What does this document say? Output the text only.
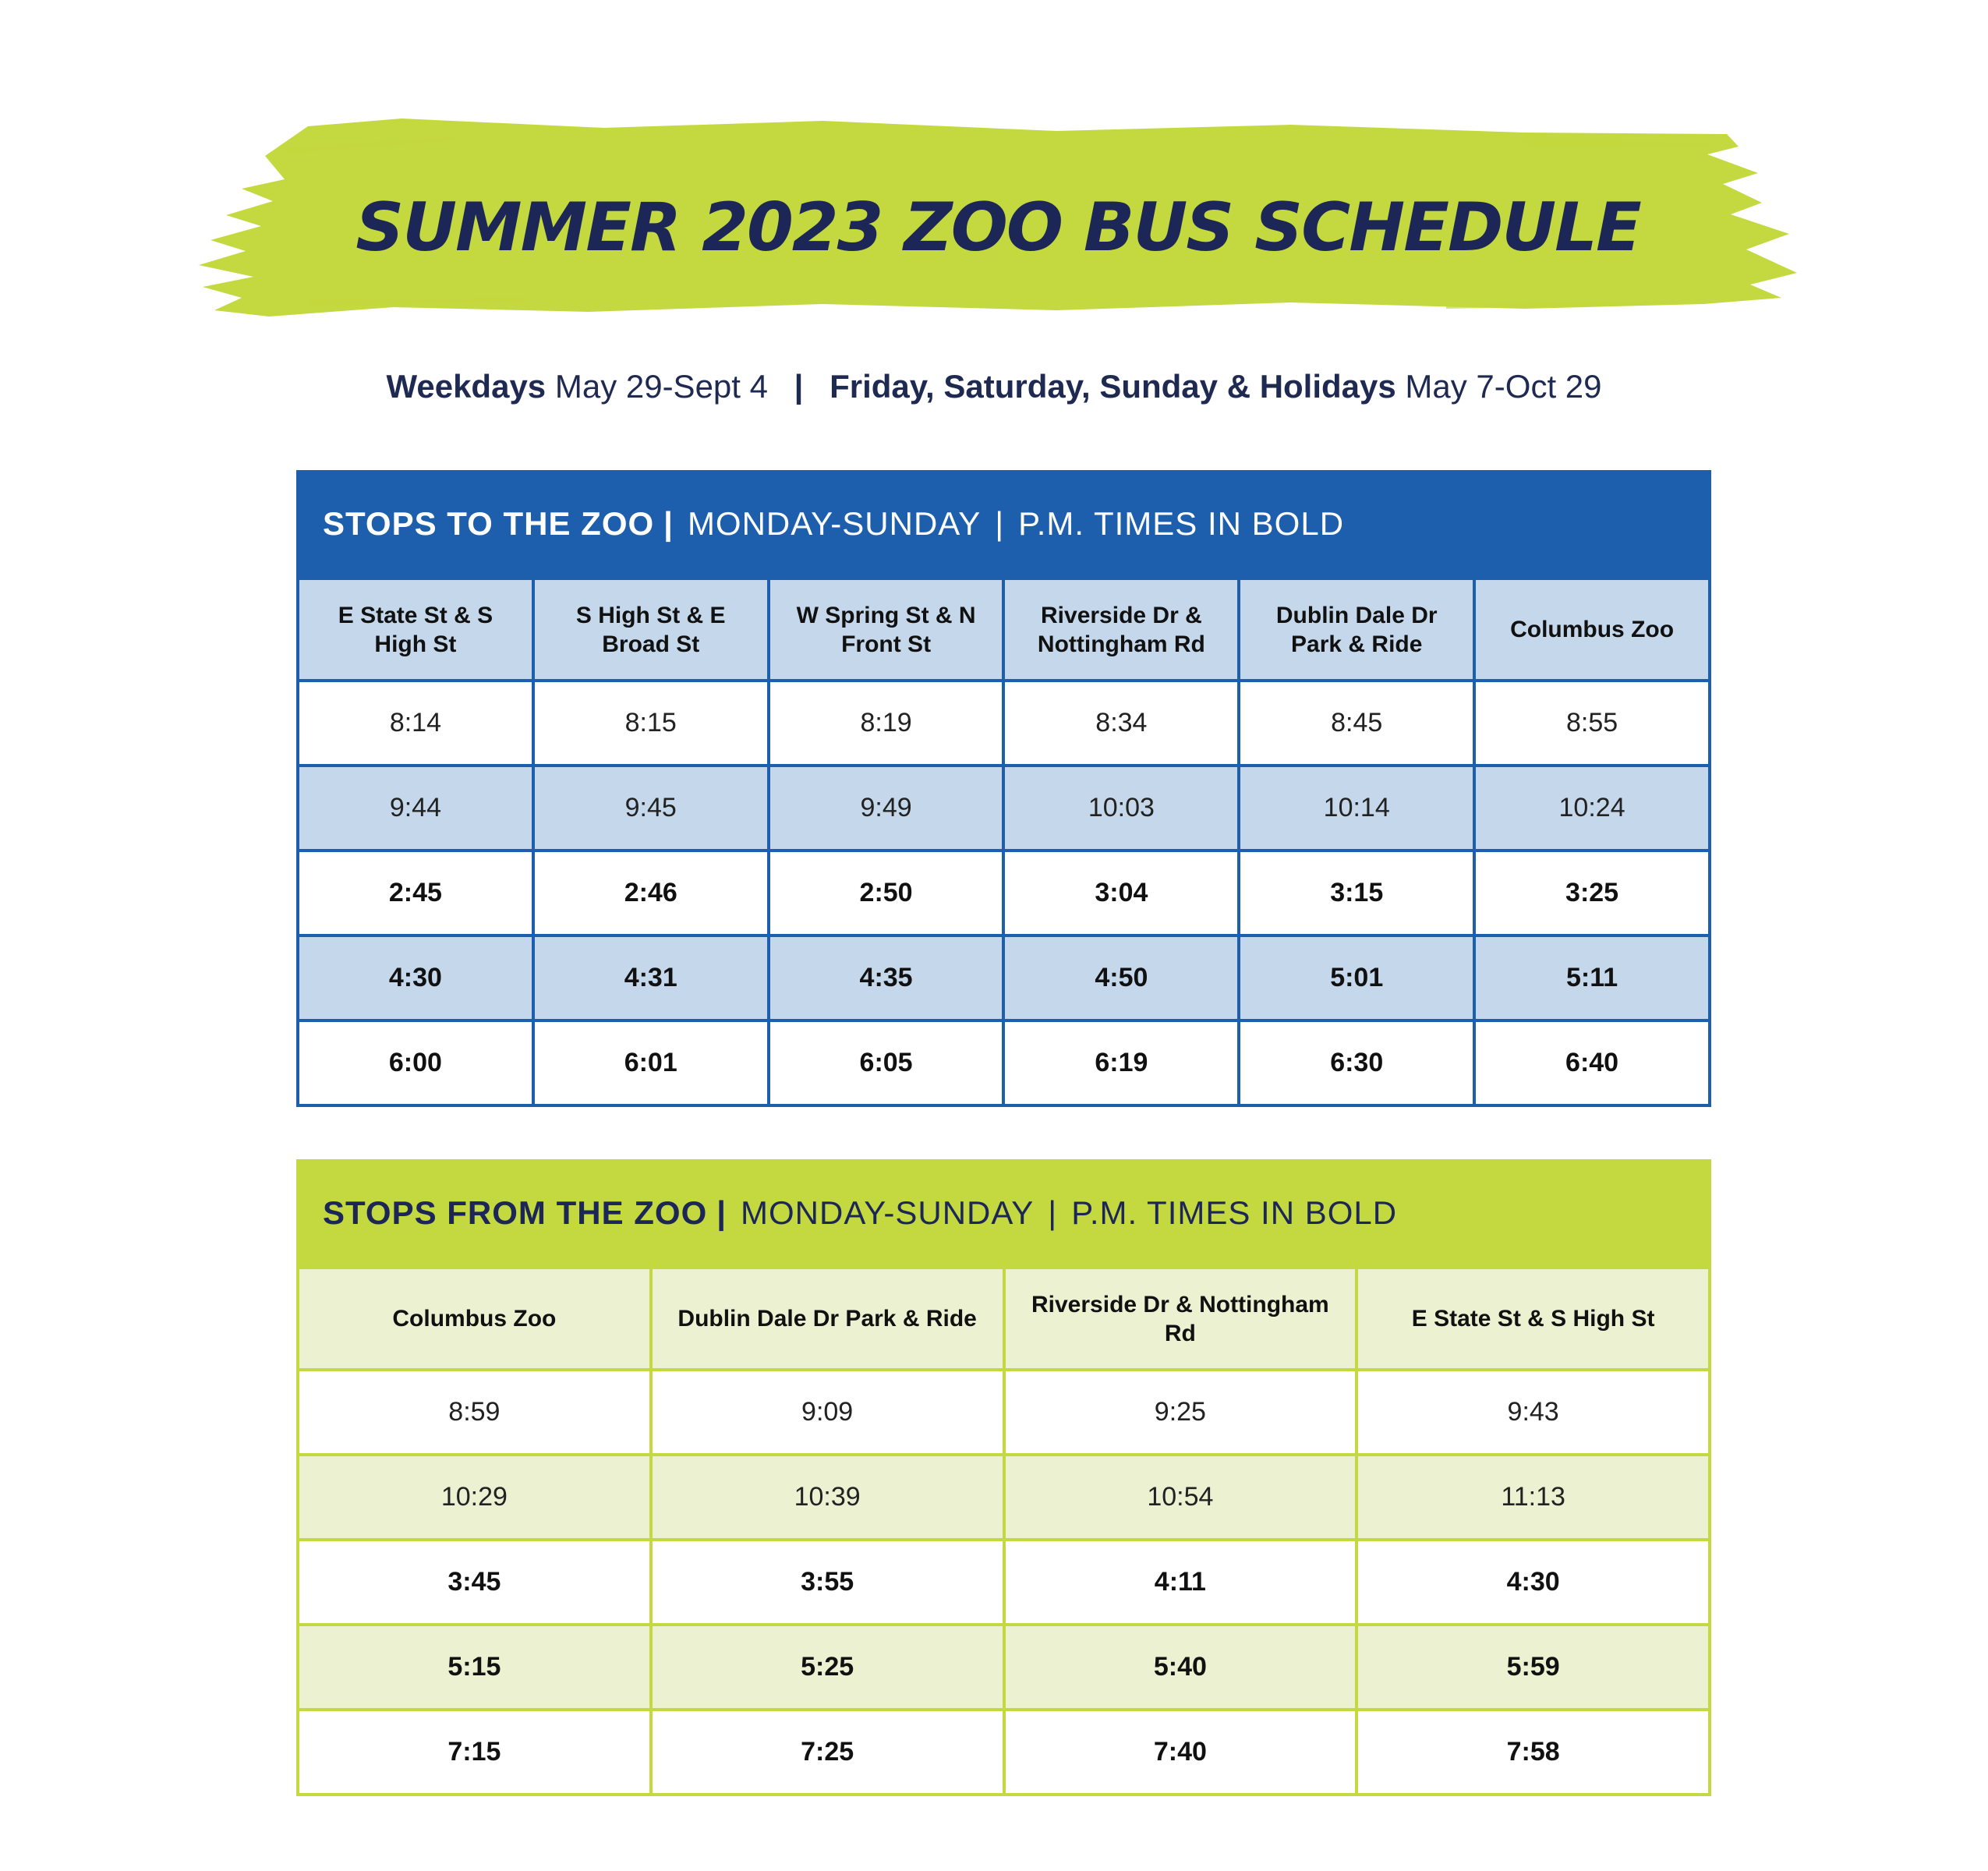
SUMMER 2023 ZOO BUS SCHEDULE
Weekdays May 29-Sept 4 | Friday, Saturday, Sunday & Holidays May 7-Oct 29
STOPS TO THE ZOO | MONDAY-SUNDAY | P.M. TIMES IN BOLD
E State St & S High St	S High St & E Broad St	W Spring St & N Front St	Riverside Dr & Nottingham Rd	Dublin Dale Dr Park & Ride	Columbus Zoo
8:14	8:15	8:19	8:34	8:45	8:55
9:44	9:45	9:49	10:03	10:14	10:24
2:45	2:46	2:50	3:04	3:15	3:25
4:30	4:31	4:35	4:50	5:01	5:11
6:00	6:01	6:05	6:19	6:30	6:40
STOPS FROM THE ZOO | MONDAY-SUNDAY | P.M. TIMES IN BOLD
Columbus Zoo	Dublin Dale Dr Park & Ride	Riverside Dr & Nottingham Rd	E State St & S High St
8:59	9:09	9:25	9:43
10:29	10:39	10:54	11:13
3:45	3:55	4:11	4:30
5:15	5:25	5:40	5:59
7:15	7:25	7:40	7:58
